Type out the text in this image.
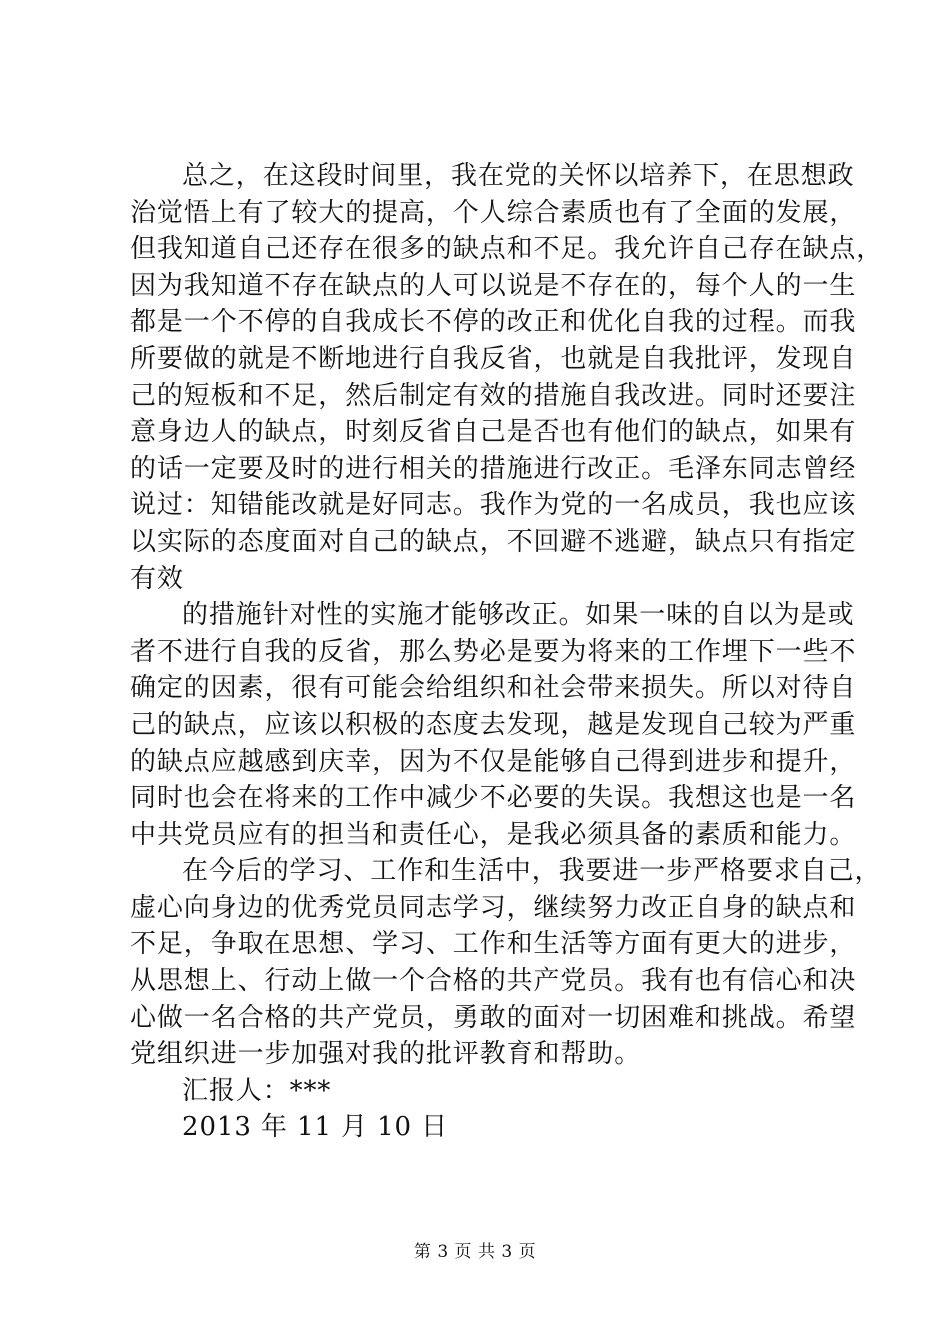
总之，在这段时间里，我在党的关怀以培养下，在思想政
治觉悟上有了较大的提高，个人综合素质也有了全面的发展，
但我知道自己还存在很多的缺点和不足。我允许自己存在缺点，
因为我知道不存在缺点的人可以说是不存在的，每个人的一生
都是一个不停的自我成长不停的改正和优化自我的过程。而我
所要做的就是不断地进行自我反省，也就是自我批评，发现自
己的短板和不足，然后制定有效的措施自我改进。同时还要注
意身边人的缺点，时刻反省自己是否也有他们的缺点，如果有
的话一定要及时的进行相关的措施进行改正。毛泽东同志曾经
说过：知错能改就是好同志。我作为党的一名成员，我也应该
以实际的态度面对自己的缺点，不回避不逃避，缺点只有指定
有效
的措施针对性的实施才能够改正。如果一味的自以为是或
者不进行自我的反省，那么势必是要为将来的工作埋下一些不
确定的因素，很有可能会给组织和社会带来损失。所以对待自
己的缺点，应该以积极的态度去发现，越是发现自己较为严重
的缺点应越感到庆幸，因为不仅是能够自己得到进步和提升，
同时也会在将来的工作中减少不必要的失误。我想这也是一名
中共党员应有的担当和责任心，是我必须具备的素质和能力。
在今后的学习、工作和生活中，我要进一步严格要求自己，
虚心向身边的优秀党员同志学习，继续努力改正自身的缺点和
不足，争取在思想、学习、工作和生活等方面有更大的进步，
从思想上、行动上做一个合格的共产党员。我有也有信心和决
心做一名合格的共产党员，勇敢的面对一切困难和挑战。希望
党组织进一步加强对我的批评教育和帮助。
汇报人：***
2013 年 11 月 10 日
第 3 页 共 3 页
